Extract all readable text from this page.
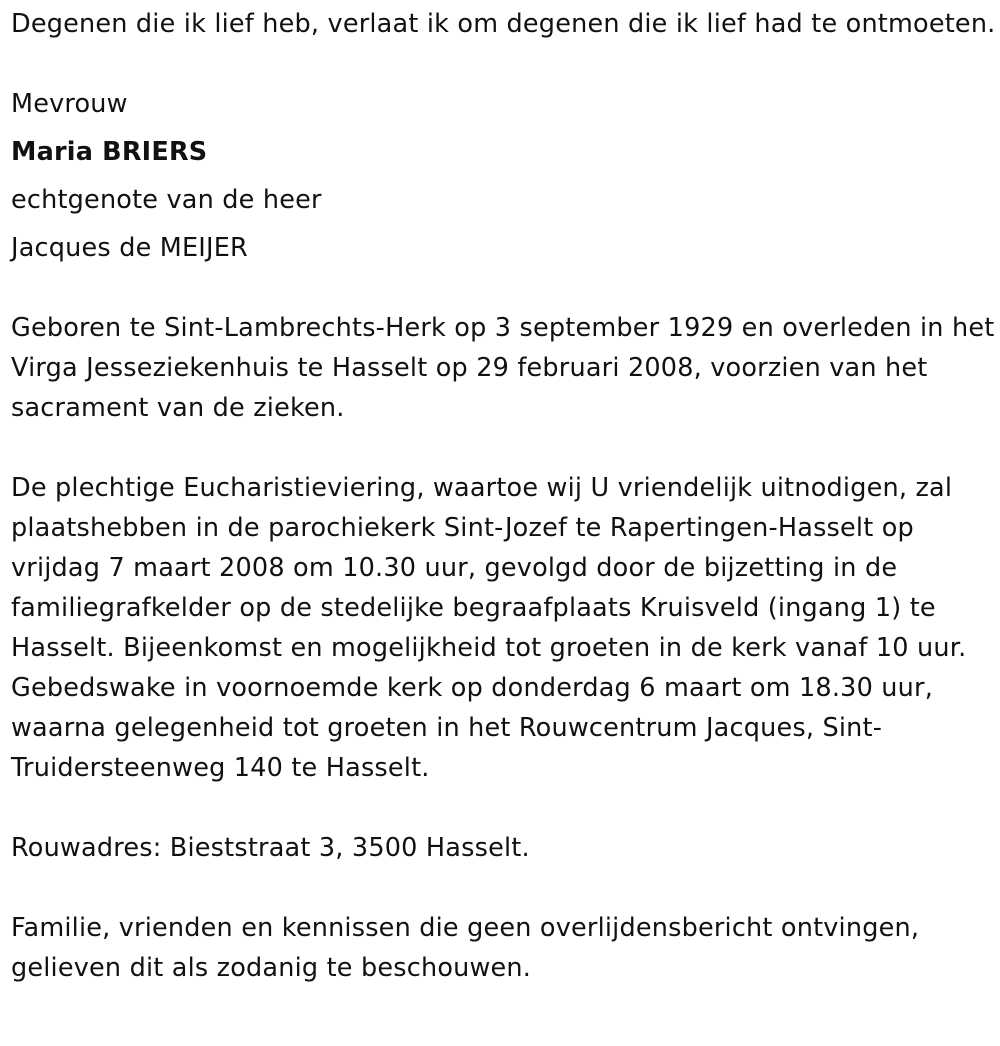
Degenen die ik lief heb, verlaat ik om degenen die ik lief had te ontmoeten.

Mevrouw

Maria BRIERS

echtgenote van de heer

Jacques de MEIJER

Geboren te Sint-Lambrechts-Herk op 3 september 1929 en overleden in het Virga Jesseziekenhuis te Hasselt op 29 februari 2008, voorzien van het sacrament van de zieken.

De plechtige Eucharistieviering, waartoe wij U vriendelijk uitnodigen, zal plaatshebben in de parochiekerk Sint-Jozef te Rapertingen-Hasselt op vrijdag 7 maart 2008 om 10.30 uur, gevolgd door de bijzetting in de familiegrafkelder op de stedelijke begraafplaats Kruisveld (ingang 1) te Hasselt. Bijeenkomst en mogelijkheid tot groeten in de kerk vanaf 10 uur. Gebedswake in voornoemde kerk op donderdag 6 maart om 18.30 uur, waarna gelegenheid tot groeten in het Rouwcentrum Jacques, Sint-Truidersteenweg 140 te Hasselt.

Rouwadres: Bieststraat 3, 3500 Hasselt.

Familie, vrienden en kennissen die geen overlijdensbericht ontvingen, gelieven dit als zodanig te beschouwen.
